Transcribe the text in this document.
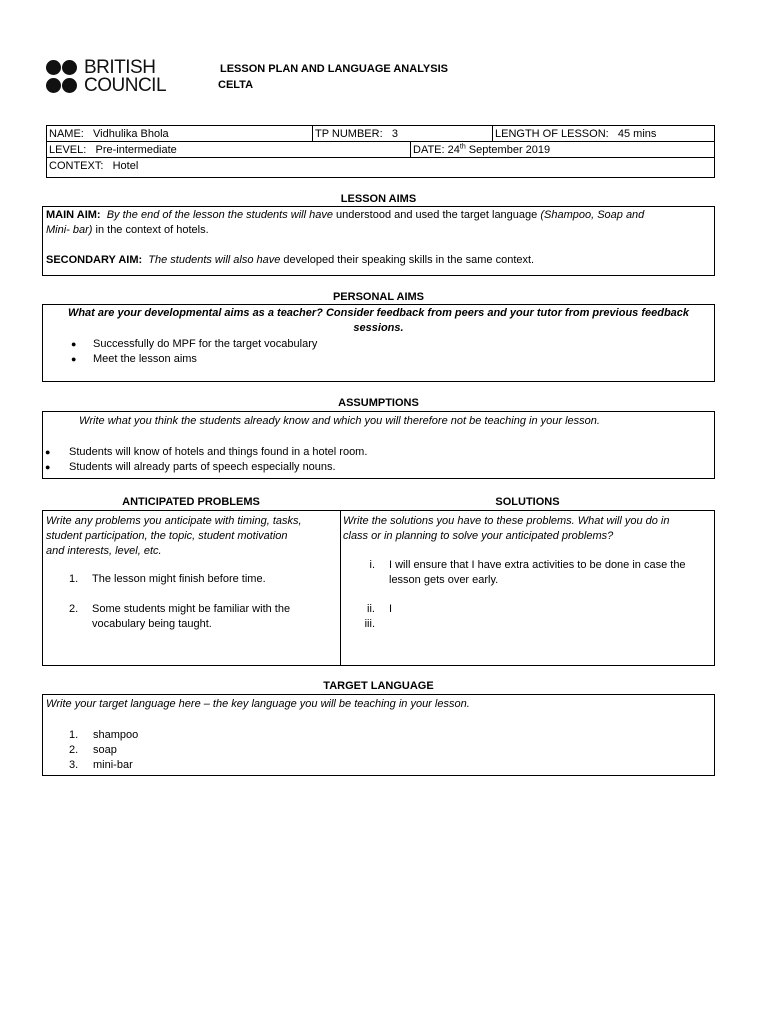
BRITISH
COUNCIL
LESSON PLAN AND LANGUAGE ANALYSIS
CELTA
NAME: Vidhulika Bhola	TP NUMBER: 3	LENGTH OF LESSON: 45 mins
LEVEL: Pre-intermediate	DATE: 24th September 2019
CONTEXT: Hotel
LESSON AIMS
MAIN AIM: By the end of the lesson the students will have understood and used the target language (Shampoo, Soap and
Mini- bar) in the context of hotels.
SECONDARY AIM: The students will also have developed their speaking skills in the same context.
PERSONAL AIMS
What are your developmental aims as a teacher? Consider feedback from peers and your tutor from previous feedback
sessions.
● Successfully do MPF for the target vocabulary
● Meet the lesson aims
ASSUMPTIONS
Write what you think the students already know and which you will therefore not be teaching in your lesson.
● Students will know of hotels and things found in a hotel room.
● Students will already parts of speech especially nouns.
ANTICIPATED PROBLEMS	SOLUTIONS
Write any problems you anticipate with timing, tasks,
student participation, the topic, student motivation
and interests, level, etc.
1. The lesson might finish before time.
2. Some students might be familiar with the
vocabulary being taught.
Write the solutions you have to these problems. What will you do in
class or in planning to solve your anticipated problems?
i. I will ensure that I have extra activities to be done in case the
lesson gets over early.
ii. I
iii.
TARGET LANGUAGE
Write your target language here – the key language you will be teaching in your lesson.
1. shampoo
2. soap
3. mini-bar
